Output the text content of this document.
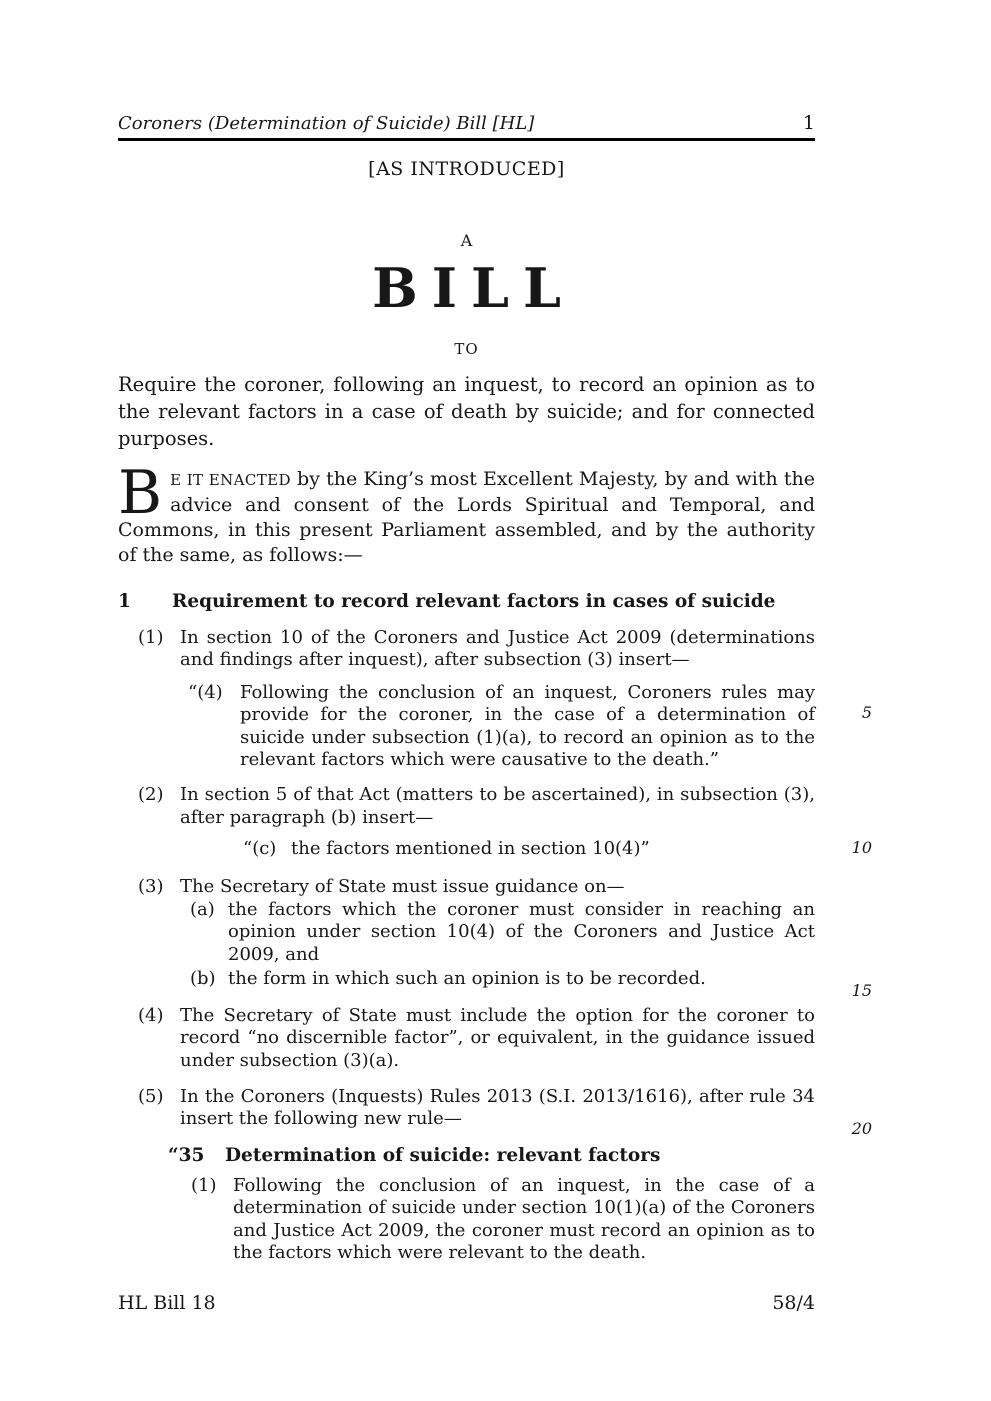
Coroners (Determination of Suicide) Bill [HL]	1
[AS INTRODUCED]
A
BILL
TO
Require the coroner, following an inquest, to record an opinion as to the relevant factors in a case of death by suicide; and for connected purposes.
B E IT ENACTED by the King’s most Excellent Majesty, by and with the advice and consent of the Lords Spiritual and Temporal, and Commons, in this present Parliament assembled, and by the authority of the same, as follows:—
1	Requirement to record relevant factors in cases of suicide
(1) In section 10 of the Coroners and Justice Act 2009 (determinations and findings after inquest), after subsection (3) insert—
“(4) Following the conclusion of an inquest, Coroners rules may provide for the coroner, in the case of a determination of suicide under subsection (1)(a), to record an opinion as to the relevant factors which were causative to the death.”
(2) In section 5 of that Act (matters to be ascertained), in subsection (3), after paragraph (b) insert—
“(c) the factors mentioned in section 10(4)”
(3) The Secretary of State must issue guidance on—
(a) the factors which the coroner must consider in reaching an opinion under section 10(4) of the Coroners and Justice Act 2009, and
(b) the form in which such an opinion is to be recorded.
(4) The Secretary of State must include the option for the coroner to record “no discernible factor”, or equivalent, in the guidance issued under subsection (3)(a).
(5) In the Coroners (Inquests) Rules 2013 (S.I. 2013/1616), after rule 34 insert the following new rule—
“35	Determination of suicide: relevant factors
(1) Following the conclusion of an inquest, in the case of a determination of suicide under section 10(1)(a) of the Coroners and Justice Act 2009, the coroner must record an opinion as to the factors which were relevant to the death.
5
10
15
20
HL Bill 18	58/4
